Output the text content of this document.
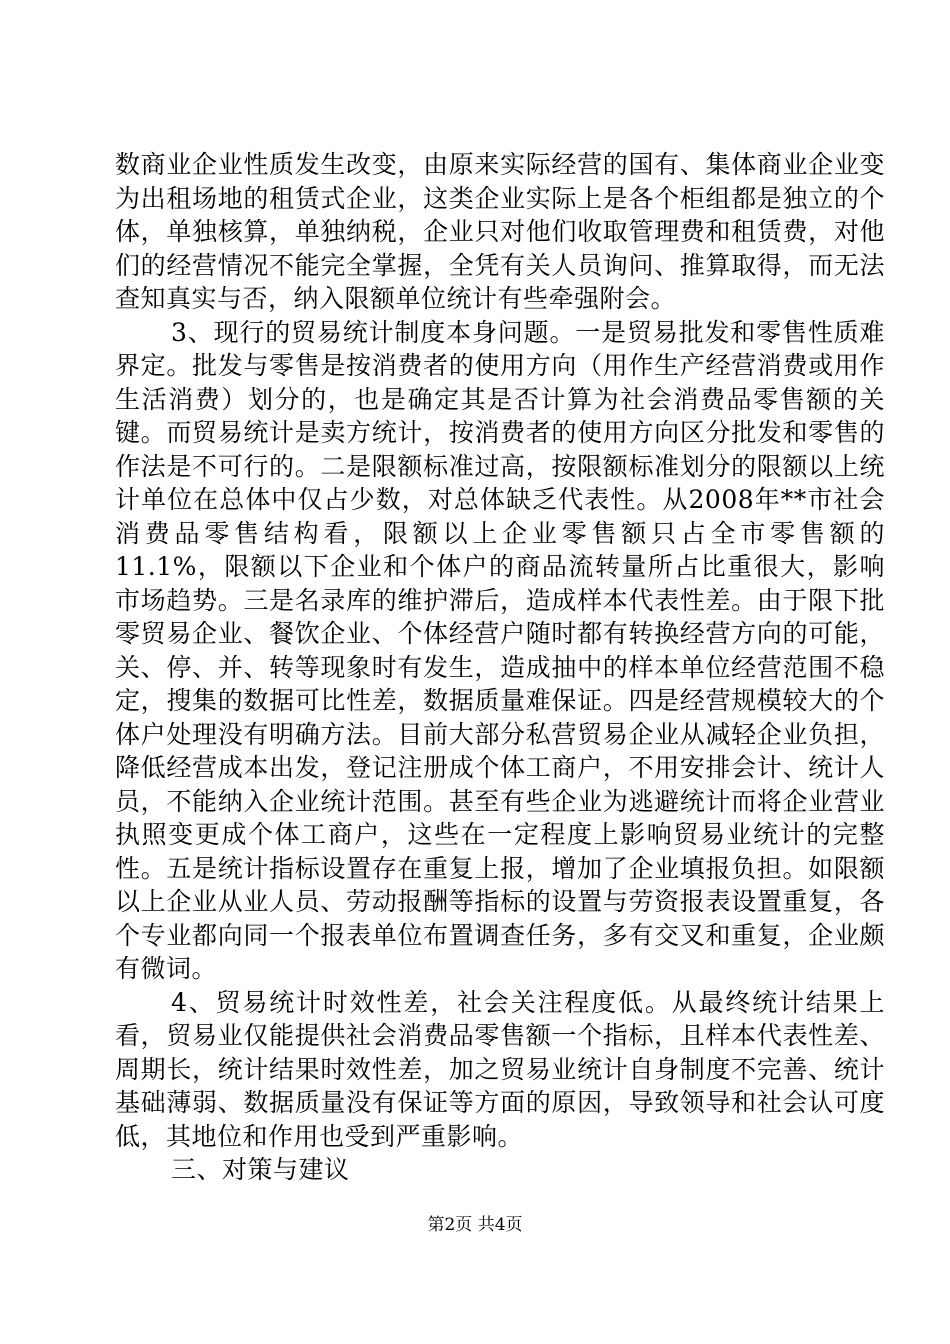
数商业企业性质发生改变，由原来实际经营的国有、集体商业企业变为出租场地的租赁式企业，这类企业实际上是各个柜组都是独立的个体，单独核算，单独纳税，企业只对他们收取管理费和租赁费，对他们的经营情况不能完全掌握，全凭有关人员询问、推算取得，而无法查知真实与否，纳入限额单位统计有些牵强附会。

3、现行的贸易统计制度本身问题。一是贸易批发和零售性质难界定。批发与零售是按消费者的使用方向（用作生产经营消费或用作生活消费）划分的，也是确定其是否计算为社会消费品零售额的关键。而贸易统计是卖方统计，按消费者的使用方向区分批发和零售的作法是不可行的。二是限额标准过高，按限额标准划分的限额以上统计单位在总体中仅占少数，对总体缺乏代表性。从2008年**市社会消费品零售结构看，限额以上企业零售额只占全市零售额的11.1%，限额以下企业和个体户的商品流转量所占比重很大，影响市场趋势。三是名录库的维护滞后，造成样本代表性差。由于限下批零贸易企业、餐饮企业、个体经营户随时都有转换经营方向的可能，关、停、并、转等现象时有发生，造成抽中的样本单位经营范围不稳定，搜集的数据可比性差，数据质量难保证。四是经营规模较大的个体户处理没有明确方法。目前大部分私营贸易企业从减轻企业负担，降低经营成本出发，登记注册成个体工商户，不用安排会计、统计人员，不能纳入企业统计范围。甚至有些企业为逃避统计而将企业营业执照变更成个体工商户，这些在一定程度上影响贸易业统计的完整性。五是统计指标设置存在重复上报，增加了企业填报负担。如限额以上企业从业人员、劳动报酬等指标的设置与劳资报表设置重复，各个专业都向同一个报表单位布置调查任务，多有交叉和重复，企业颇有微词。

4、贸易统计时效性差，社会关注程度低。从最终统计结果上看，贸易业仅能提供社会消费品零售额一个指标，且样本代表性差、周期长，统计结果时效性差，加之贸易业统计自身制度不完善、统计基础薄弱、数据质量没有保证等方面的原因，导致领导和社会认可度低，其地位和作用也受到严重影响。

三、对策与建议

第2页 共4页
